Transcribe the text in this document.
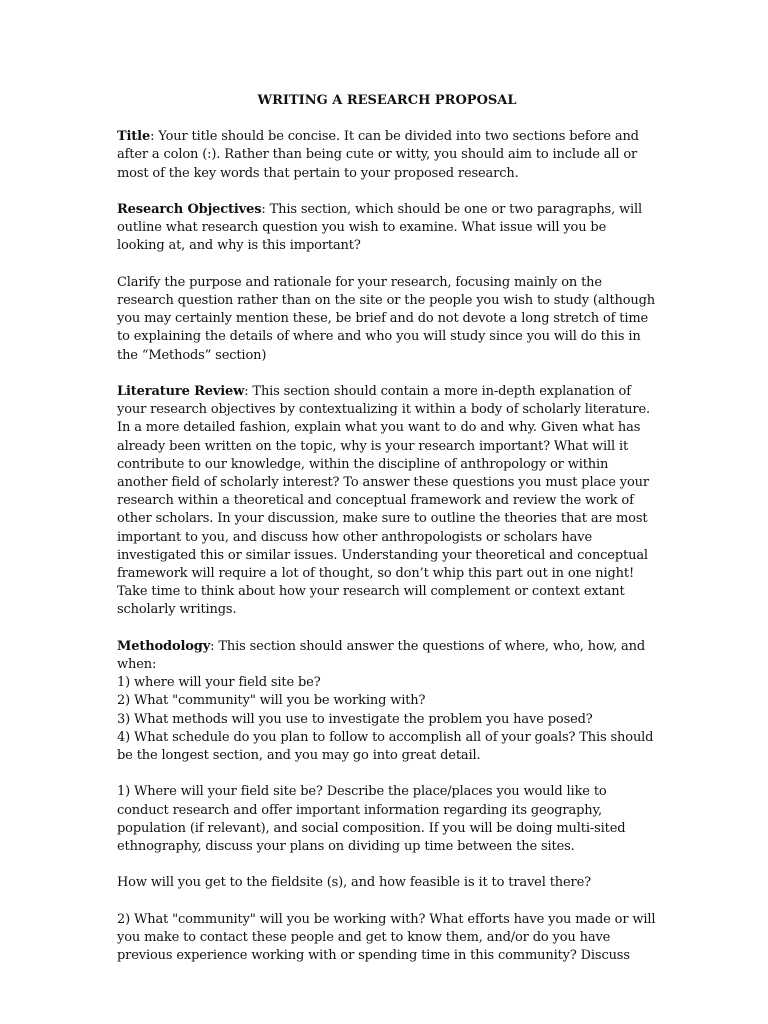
WRITING A RESEARCH PROPOSAL

Title: Your title should be concise. It can be divided into two sections before and after a colon (:). Rather than being cute or witty, you should aim to include all or most of the key words that pertain to your proposed research.

Research Objectives: This section, which should be one or two paragraphs, will outline what research question you wish to examine. What issue will you be looking at, and why is this important?

Clarify the purpose and rationale for your research, focusing mainly on the research question rather than on the site or the people you wish to study (although you may certainly mention these, be brief and do not devote a long stretch of time to explaining the details of where and who you will study since you will do this in the “Methods” section)

Literature Review: This section should contain a more in-depth explanation of your research objectives by contextualizing it within a body of scholarly literature. In a more detailed fashion, explain what you want to do and why. Given what has already been written on the topic, why is your research important? What will it contribute to our knowledge, within the discipline of anthropology or within another field of scholarly interest? To answer these questions you must place your research within a theoretical and conceptual framework and review the work of other scholars. In your discussion, make sure to outline the theories that are most important to you, and discuss how other anthropologists or scholars have investigated this or similar issues. Understanding your theoretical and conceptual framework will require a lot of thought, so don’t whip this part out in one night!

Take time to think about how your research will complement or context extant scholarly writings.

Methodology: This section should answer the questions of where, who, how, and when:

1) where will your field site be?

2) What "community" will you be working with?

3) What methods will you use to investigate the problem you have posed?

4) What schedule do you plan to follow to accomplish all of your goals? This should be the longest section, and you may go into great detail.

1) Where will your field site be? Describe the place/places you would like to conduct research and offer important information regarding its geography, population (if relevant), and social composition. If you will be doing multi-sited ethnography, discuss your plans on dividing up time between the sites.

How will you get to the fieldsite (s), and how feasible is it to travel there?

2) What "community" will you be working with? What efforts have you made or will you make to contact these people and get to know them, and/or do you have previous experience working with or spending time in this community? Discuss
